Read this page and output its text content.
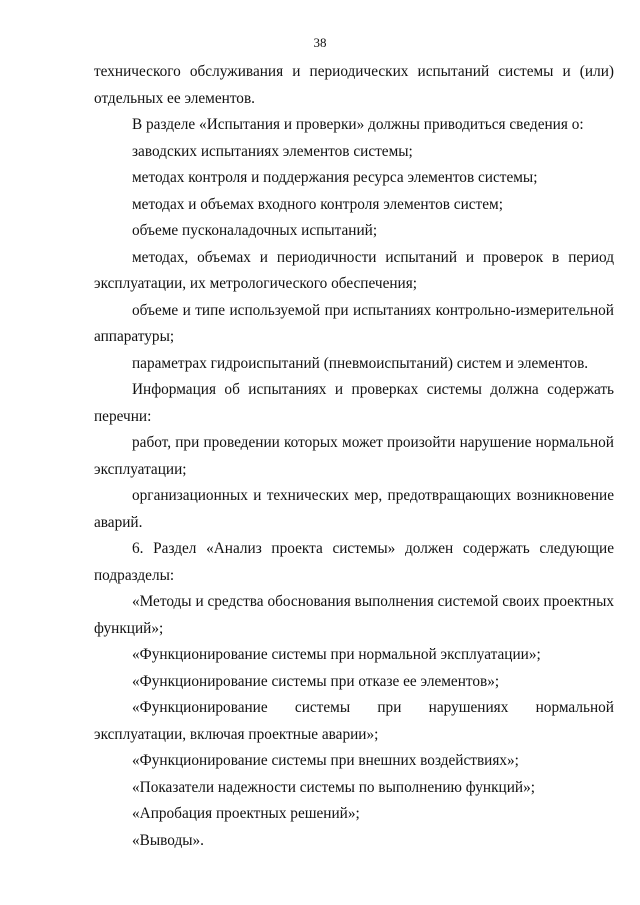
38

технического обслуживания и периодических испытаний системы и (или) отдельных ее элементов.

В разделе «Испытания и проверки» должны приводиться сведения о:

заводских испытаниях элементов системы;

методах контроля и поддержания ресурса элементов системы;

методах и объемах входного контроля элементов систем;

объеме пусконаладочных испытаний;

методах, объемах и периодичности испытаний и проверок в период эксплуатации, их метрологического обеспечения;

объеме и типе используемой при испытаниях контрольно-измерительной аппаратуры;

параметрах гидроиспытаний (пневмоиспытаний) систем и элементов.

Информация об испытаниях и проверках системы должна содержать перечни:

работ, при проведении которых может произойти нарушение нормальной эксплуатации;

организационных и технических мер, предотвращающих возникновение аварий.

6. Раздел «Анализ проекта системы» должен содержать следующие подразделы:

«Методы и средства обоснования выполнения системой своих проектных функций»;

«Функционирование системы при нормальной эксплуатации»;

«Функционирование системы при отказе ее элементов»;

«Функционирование системы при нарушениях нормальной эксплуатации, включая проектные аварии»;

«Функционирование системы при внешних воздействиях»;

«Показатели надежности системы по выполнению функций»;

«Апробация проектных решений»;

«Выводы».
